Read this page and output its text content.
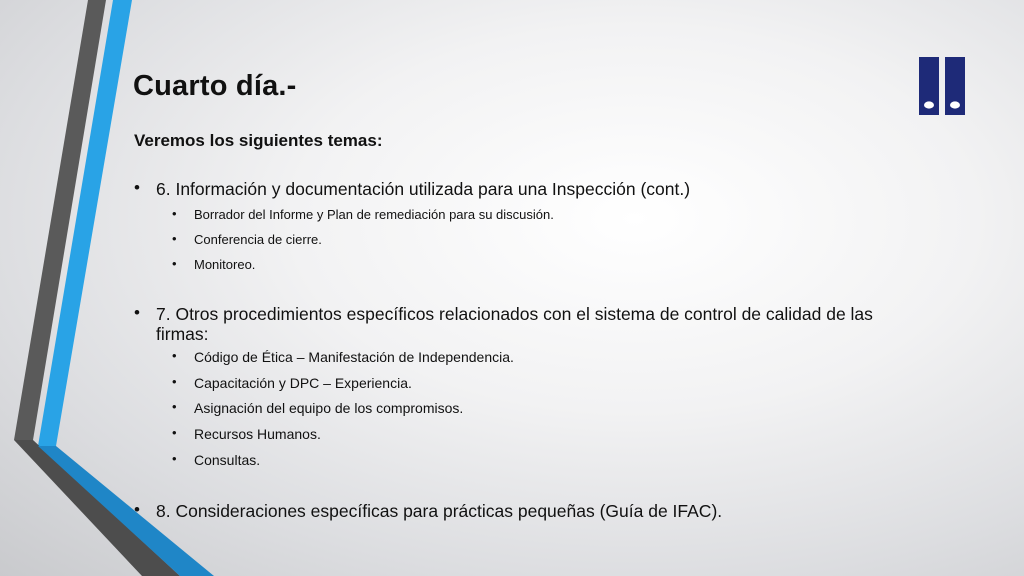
Cuarto día.-
Veremos los siguientes temas:
• 6. Información y documentación utilizada para una Inspección (cont.)
• Borrador del Informe y Plan de remediación para su discusión.
• Conferencia de cierre.
• Monitoreo.
• 7. Otros procedimientos específicos relacionados con el sistema de control de calidad de las firmas:
• Código de Ética – Manifestación de Independencia.
• Capacitación y DPC – Experiencia.
• Asignación del equipo de los compromisos.
• Recursos Humanos.
• Consultas.
• 8. Consideraciones específicas para prácticas pequeñas (Guía de IFAC).
